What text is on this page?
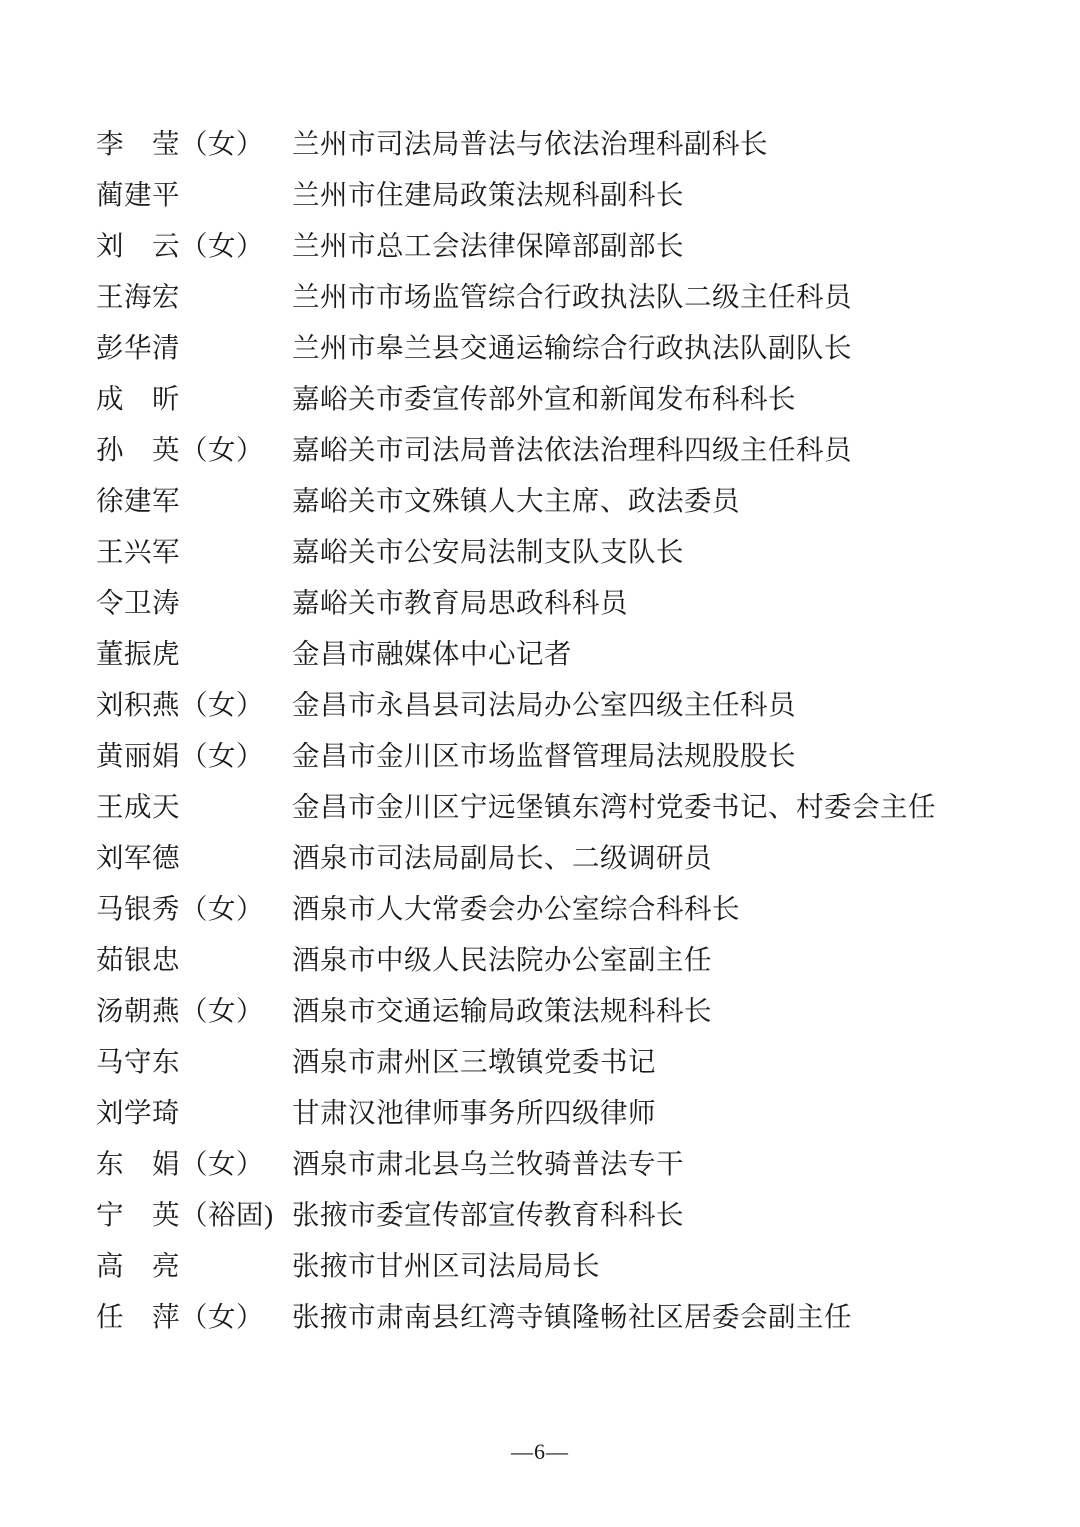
李　莹（女）	兰州市司法局普法与依法治理科副科长
蔺建平	兰州市住建局政策法规科副科长
刘　云（女）	兰州市总工会法律保障部副部长
王海宏	兰州市市场监管综合行政执法队二级主任科员
彭华清	兰州市皋兰县交通运输综合行政执法队副队长
成　昕	嘉峪关市委宣传部外宣和新闻发布科科长
孙　英（女）	嘉峪关市司法局普法依法治理科四级主任科员
徐建军	嘉峪关市文殊镇人大主席、政法委员
王兴军	嘉峪关市公安局法制支队支队长
令卫涛	嘉峪关市教育局思政科科员
董振虎	金昌市融媒体中心记者
刘积燕（女）	金昌市永昌县司法局办公室四级主任科员
黄丽娟（女）	金昌市金川区市场监督管理局法规股股长
王成天	金昌市金川区宁远堡镇东湾村党委书记、村委会主任
刘军德	酒泉市司法局副局长、二级调研员
马银秀（女）	酒泉市人大常委会办公室综合科科长
茹银忠	酒泉市中级人民法院办公室副主任
汤朝燕（女）	酒泉市交通运输局政策法规科科长
马守东	酒泉市肃州区三墩镇党委书记
刘学琦	甘肃汉池律师事务所四级律师
东　娟（女）	酒泉市肃北县乌兰牧骑普法专干
宁　英（裕固) 张掖市委宣传部宣传教育科科长
高　亮	张掖市甘州区司法局局长
任　萍（女）	张掖市肃南县红湾寺镇隆畅社区居委会副主任
—6—
